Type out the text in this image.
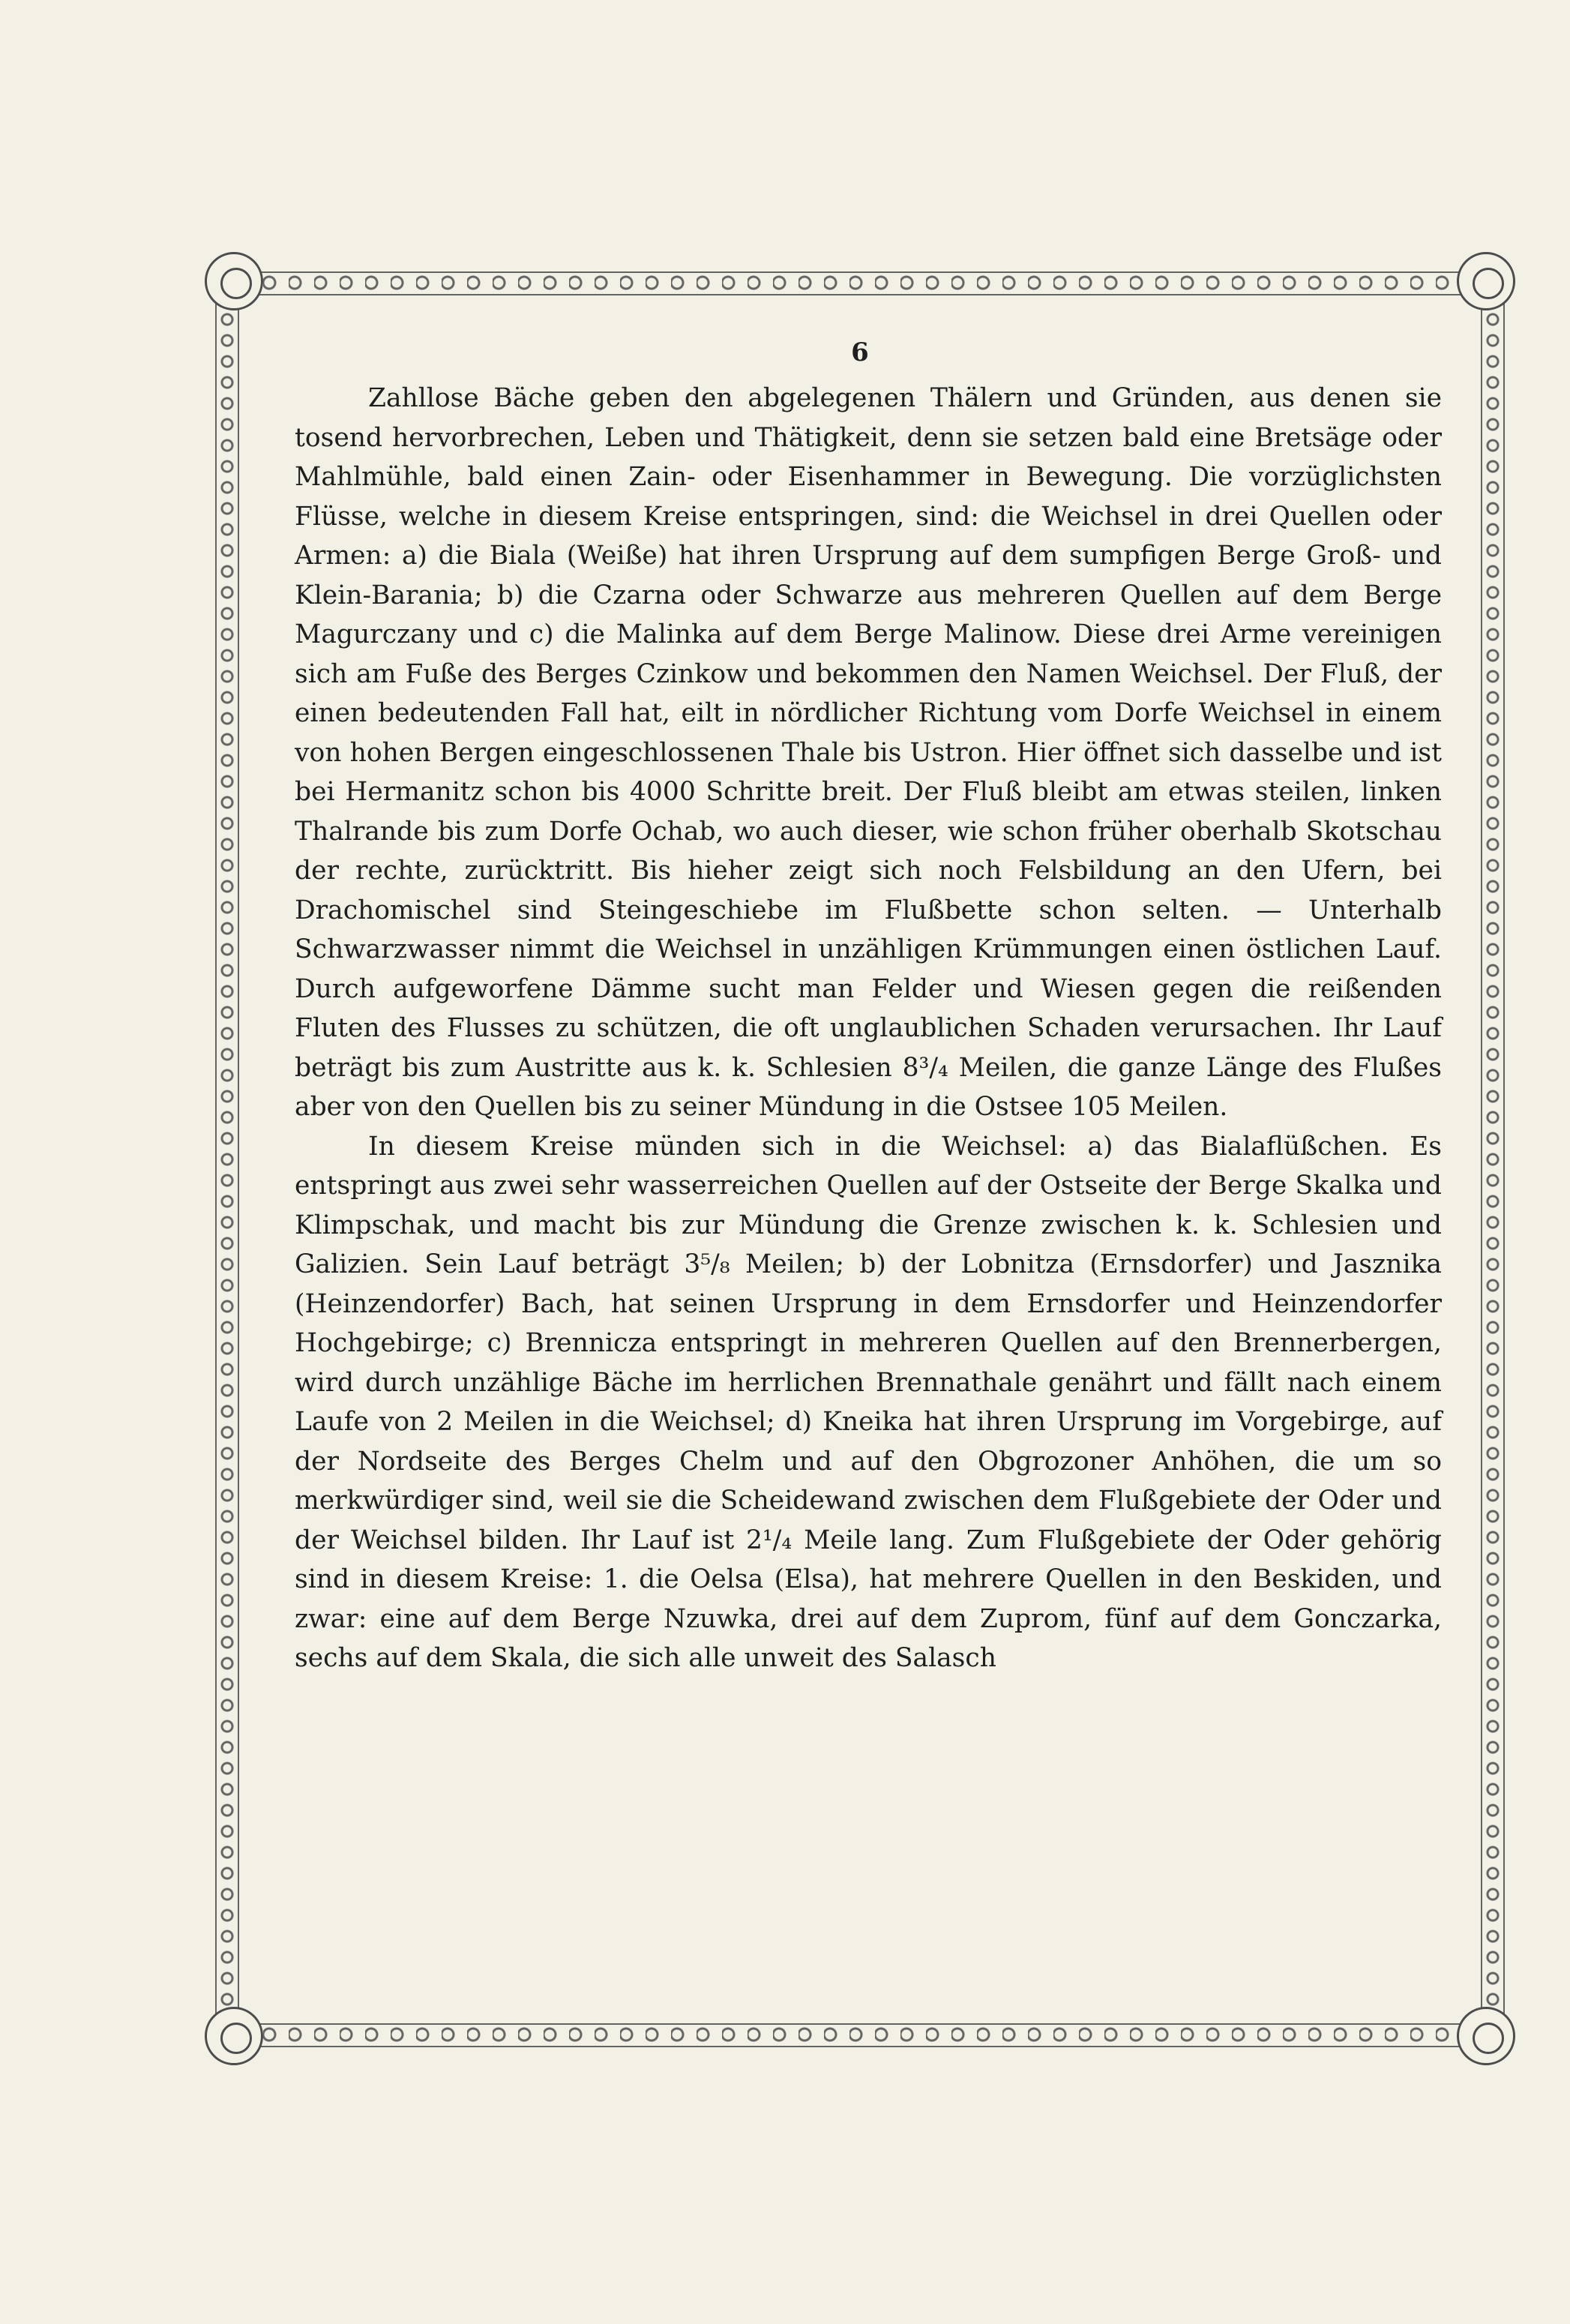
6

Zahllose Bäche geben den abgelegenen Thälern und Gründen, aus denen sie tosend hervorbrechen, Leben und Thätigkeit, denn sie setzen bald eine Bretsäge oder Mahlmühle, bald einen Zain- oder Eisenhammer in Bewegung. Die vorzüglichsten Flüsse, welche in diesem Kreise entspringen, sind: die Weichsel in drei Quellen oder Armen: a) die Biala (Weiße) hat ihren Ursprung auf dem sumpfigen Berge Groß- und Klein-Barania; b) die Czarna oder Schwarze aus mehreren Quellen auf dem Berge Magurczany und c) die Malinka auf dem Berge Malinow. Diese drei Arme vereinigen sich am Fuße des Berges Czinkow und bekommen den Namen Weichsel. Der Fluß, der einen bedeutenden Fall hat, eilt in nördlicher Richtung vom Dorfe Weichsel in einem von hohen Bergen eingeschlossenen Thale bis Ustron. Hier öffnet sich dasselbe und ist bei Hermanitz schon bis 4000 Schritte breit. Der Fluß bleibt am etwas steilen, linken Thalrande bis zum Dorfe Ochab, wo auch dieser, wie schon früher oberhalb Skotschau der rechte, zurücktritt. Bis hieher zeigt sich noch Felsbildung an den Ufern, bei Drachomischel sind Steingeschiebe im Flußbette schon selten. — Unterhalb Schwarzwasser nimmt die Weichsel in unzähligen Krümmungen einen östlichen Lauf. Durch aufgeworfene Dämme sucht man Felder und Wiesen gegen die reißenden Fluten des Flusses zu schützen, die oft unglaublichen Schaden verursachen. Ihr Lauf beträgt bis zum Austritte aus k. k. Schlesien 8³/₄ Meilen, die ganze Länge des Flußes aber von den Quellen bis zu seiner Mündung in die Ostsee 105 Meilen.

In diesem Kreise münden sich in die Weichsel: a) das Bialaflüßchen. Es entspringt aus zwei sehr wasserreichen Quellen auf der Ostseite der Berge Skalka und Klimpschak, und macht bis zur Mündung die Grenze zwischen k. k. Schlesien und Galizien. Sein Lauf beträgt 3⁵/₈ Meilen; b) der Lobnitza (Ernsdorfer) und Jasznika (Heinzendorfer) Bach, hat seinen Ursprung in dem Ernsdorfer und Heinzendorfer Hochgebirge; c) Brennicza entspringt in mehreren Quellen auf den Brennerbergen, wird durch unzählige Bäche im herrlichen Brennathale genährt und fällt nach einem Laufe von 2 Meilen in die Weichsel; d) Kneika hat ihren Ursprung im Vorgebirge, auf der Nordseite des Berges Chelm und auf den Obgrozoner Anhöhen, die um so merkwürdiger sind, weil sie die Scheidewand zwischen dem Flußgebiete der Oder und der Weichsel bilden. Ihr Lauf ist 2¹/₄ Meile lang. Zum Flußgebiete der Oder gehörig sind in diesem Kreise: 1. die Oelsa (Elsa), hat mehrere Quellen in den Beskiden, und zwar: eine auf dem Berge Nzuwka, drei auf dem Zuprom, fünf auf dem Gonczarka, sechs auf dem Skala, die sich alle unweit des Salasch
